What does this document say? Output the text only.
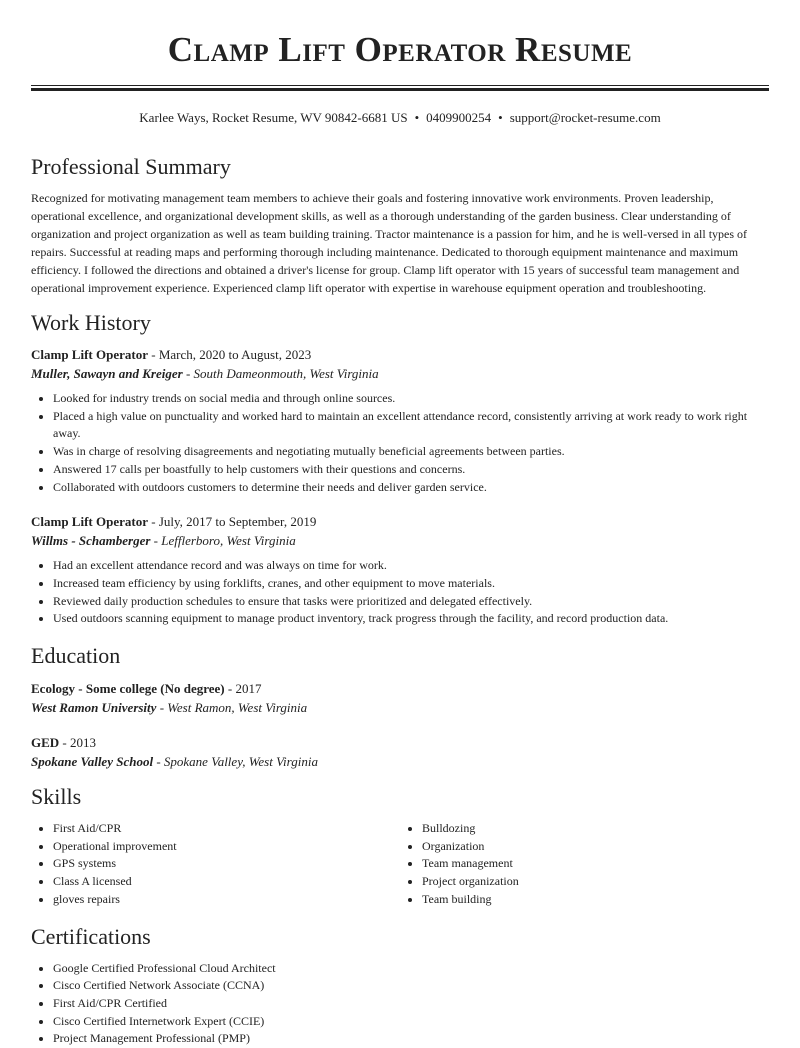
Clamp Lift Operator Resume
Karlee Ways, Rocket Resume, WV 90842-6681 US • 0409900254 • support@rocket-resume.com
Professional Summary

Recognized for motivating management team members to achieve their goals and fostering innovative work environments. Proven leadership, operational excellence, and organizational development skills, as well as a thorough understanding of the garden business. Clear understanding of organization and project organization as well as team building training. Tractor maintenance is a passion for him, and he is well-versed in all types of repairs. Successful at reading maps and performing thorough including maintenance. Dedicated to thorough equipment maintenance and maximum efficiency. I followed the directions and obtained a driver's license for group. Clamp lift operator with 15 years of successful team management and operational improvement experience. Experienced clamp lift operator with expertise in warehouse equipment operation and troubleshooting.

Work History
Clamp Lift Operator - March, 2020 to August, 2023
Muller, Sawayn and Kreiger - South Dameonmouth, West Virginia
• Looked for industry trends on social media and through online sources.
• Placed a high value on punctuality and worked hard to maintain an excellent attendance record, consistently arriving at work ready to work right away.
• Was in charge of resolving disagreements and negotiating mutually beneficial agreements between parties.
• Answered 17 calls per boastfully to help customers with their questions and concerns.
• Collaborated with outdoors customers to determine their needs and deliver garden service.
Clamp Lift Operator - July, 2017 to September, 2019
Willms - Schamberger - Lefflerboro, West Virginia
• Had an excellent attendance record and was always on time for work.
• Increased team efficiency by using forklifts, cranes, and other equipment to move materials.
• Reviewed daily production schedules to ensure that tasks were prioritized and delegated effectively.
• Used outdoors scanning equipment to manage product inventory, track progress through the facility, and record production data.
Education
Ecology - Some college (No degree) - 2017
West Ramon University - West Ramon, West Virginia
GED - 2013
Spokane Valley School - Spokane Valley, West Virginia
Skills
• First Aid/CPR
• Operational improvement
• GPS systems
• Class A licensed
• gloves repairs
• Bulldozing
• Organization
• Team management
• Project organization
• Team building
Certifications
• Google Certified Professional Cloud Architect
• Cisco Certified Network Associate (CCNA)
• First Aid/CPR Certified
• Cisco Certified Internetwork Expert (CCIE)
• Project Management Professional (PMP)
